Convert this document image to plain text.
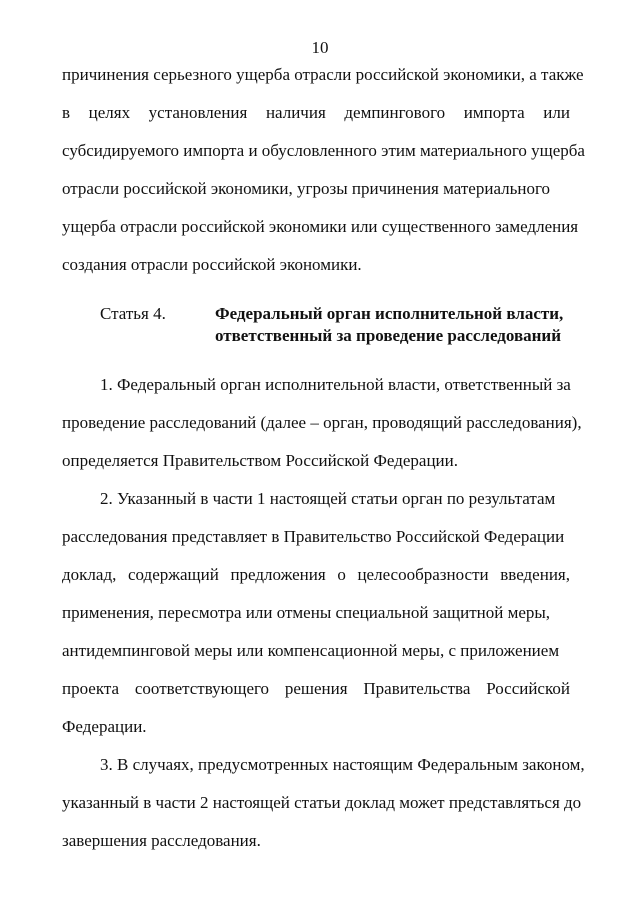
10
причинения серьезного ущерба отрасли российской экономики, а также
в целях установления наличия демпингового импорта или
субсидируемого импорта и обусловленного этим материального ущерба
отрасли российской экономики, угрозы причинения материального
ущерба отрасли российской экономики или существенного замедления
создания отрасли российской экономики.
Статья 4.	Федеральный орган исполнительной власти,
ответственный за проведение расследований
1. Федеральный орган исполнительной власти, ответственный за
проведение расследований (далее – орган, проводящий расследования),
определяется Правительством Российской Федерации.
2. Указанный в части 1 настоящей статьи орган по результатам
расследования представляет в Правительство Российской Федерации
доклад, содержащий предложения о целесообразности введения,
применения, пересмотра или отмены специальной защитной меры,
антидемпинговой меры или компенсационной меры, с приложением
проекта соответствующего решения Правительства Российской
Федерации.
3. В случаях, предусмотренных настоящим Федеральным законом,
указанный в части 2 настоящей статьи доклад может представляться до
завершения расследования.
